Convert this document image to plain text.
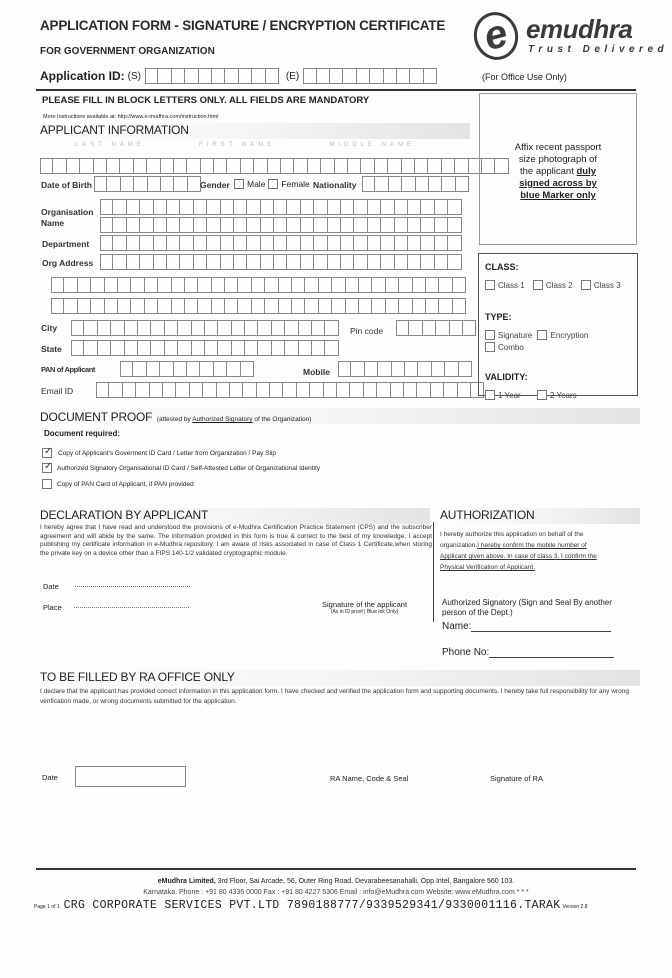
APPLICATION FORM - SIGNATURE / ENCRYPTION CERTIFICATE
FOR GOVERNMENT ORGANIZATION	e emudhra
Trust Delivered
Application ID: (S)	(E)	(For Office Use Only)
PLEASE FILL IN BLOCK LETTERS ONLY. ALL FIELDS ARE MANDATORY
More Instructions available at: http://www.e-mudhra.com/instruction.html
APPLICANT INFORMATION
LAST NAME	FIRST NAME	MIDDLE NAME
Date of Birth	Gender Male Female Nationality
Organisation
Name
Department
Org Address
City	Pin code
State
PAN of Applicant	Mobile
Email ID
Affix recent passport
size photograph of
the applicant duly
signed across by
blue Marker only
CLASS:
Class 1
	Class 2
	Class 3
TYPE:
Signature
Encryption

Combo
VALIDITY:
1 Year
	2 Years
DOCUMENT PROOF (attested by Authorized Signatory of the Organization)
Document required:
✓
Copy of Applicant's Goverment ID Card / Letter from Organization / Pay Slip
✓
Authorized Signatory Organisational ID Card / Self-Attested Letter of Organizational Identity
Copy of PAN Card of Applicant, if PAN provided
DECLARATION BY APPLICANT
I hereby agree that I have read and understood the provisions of e-Mudhra Certification Practice Statement (CPS) and the subscriber agreement and will abide by the same. The information provided in this form is true & correct to the best of my knowledge. I accept publishing my certificate information in e-Mudhra repository. I am aware of risks associated in case of Class 1 Certificate,when storing the private key on a device other than a FIPS 140-1/2 validated cryptographic module.
Date
Place	Signature of the applicant
(As in ID proof | Blue Ink Only)
AUTHORIZATION
I hereby authorize this application on behalf of the organization.I hereby confirm the mobile number of Applicant given above. In case of class 3, I confirm the Physical Verification of Applicant.
Authorized Signatory (Sign and Seal By another person of the Dept.)
Name:
Phone No:
TO BE FILLED BY RA OFFICE ONLY
I declare that the applicant has provided correct information in this application form. I have checked and verified the application form and supporting documents. I hereby take full responsibility for any wrong verification made, or wrong documents submitted for the application.
Date	RA Name, Code & Seal	Signature of RA
eMudhra Limited, 3rd Floor, Sai Arcade, 56, Outer Ring Road, Devarabeesanahalli, Opp Intel, Bangalore 560 103.
Karnataka. Phone : +91 80 4336 0000 Fax : +91 80 4227 5306 Email : info@eMudhra.com Website: www.eMudhra.com * * *
Page 1 of 1 CRG CORPORATE SERVICES PVT.LTD 7890188777/9339529341/9330001116.TARAK Version 2.8
